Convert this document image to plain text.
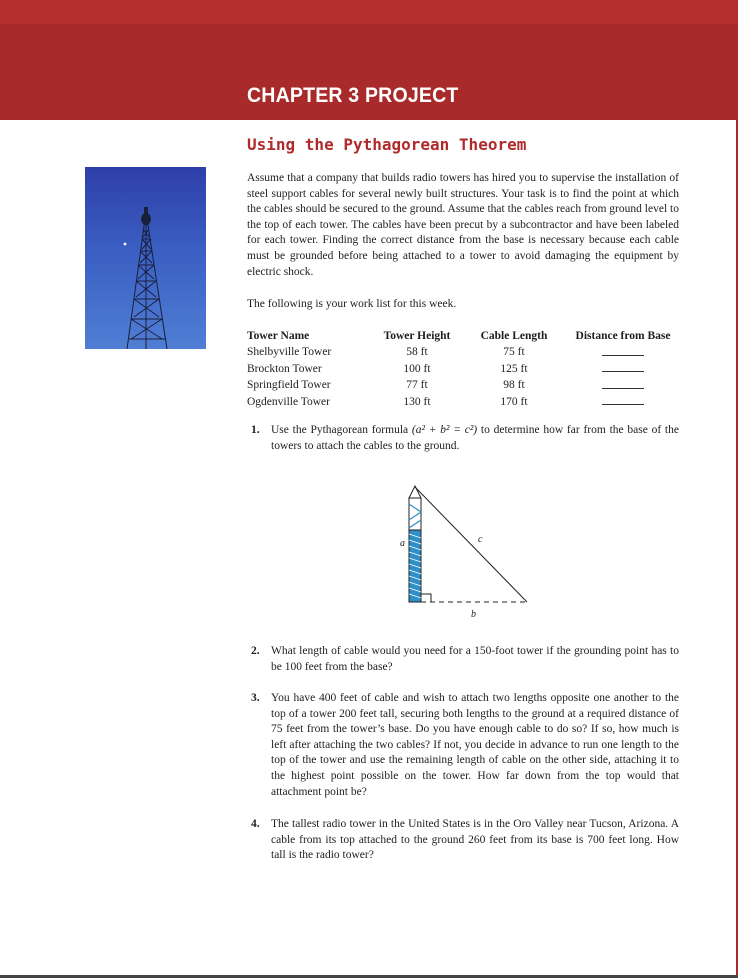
CHAPTER 3 PROJECT
Using the Pythagorean Theorem

Assume that a company that builds radio towers has hired you to supervise the installation of steel support cables for several newly built structures. Your task is to find the point at which the cables should be secured to the ground. Assume that the cables reach from ground level to the top of each tower. The cables have been precut by a subcontractor and have been labeled for each tower. Finding the correct distance from the base is necessary because each cable must be grounded before being attached to a tower to avoid damaging the equipment by electric shock.

The following is your work list for this week.

Tower Name	Tower Height	Cable Length	Distance from Base
Shelbyville Tower	58 ft	75 ft	
Brockton Tower	100 ft	125 ft	
Springfield Tower	77 ft	98 ft	
Ogdenville Tower	130 ft	170 ft	
1. Use the Pythagorean formula (a² + b² = c²) to determine how far from the base of the towers to attach the cables to the ground.
a	c
b
2. What length of cable would you need for a 150-foot tower if the grounding point has to be 100 feet from the base?
3. You have 400 feet of cable and wish to attach two lengths opposite one another to the top of a tower 200 feet tall, securing both lengths to the ground at a required distance of 75 feet from the tower’s base. Do you have enough cable to do so? If so, how much is left after attaching the two cables? If not, you decide in advance to run one length to the top of the tower and use the remaining length of cable on the other side, attaching it to the highest point possible on the tower. How far down from the top would that attachment point be?
4. The tallest radio tower in the United States is in the Oro Valley near Tucson, Arizona. A cable from its top attached to the ground 260 feet from its base is 700 feet long. How tall is the radio tower?
